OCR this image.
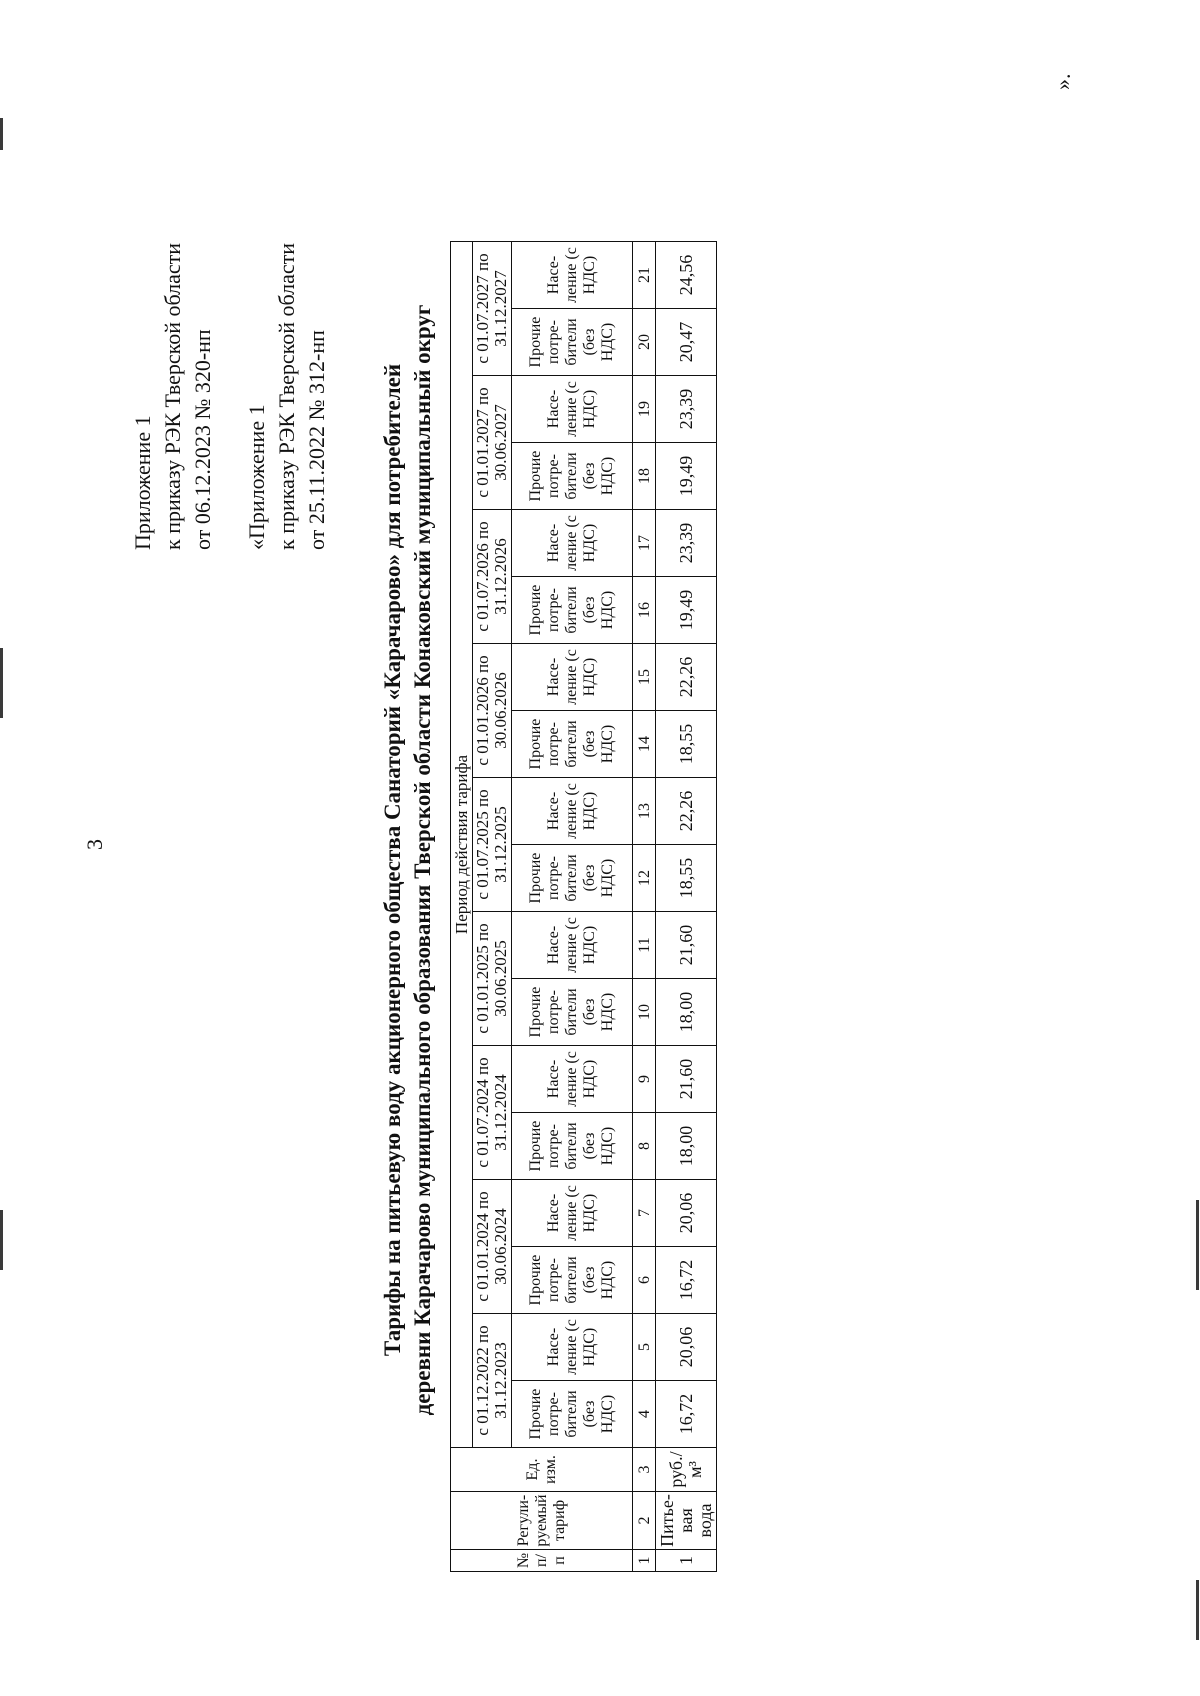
3
Приложение 1 к приказу РЭК Тверской области от 06.12.2023 № 320-нп «Приложение 1 к приказу РЭК Тверской области от 25.11.2022 № 312-нп Тарифы на питьевую воду акционерного общества Санаторий «Карачарово» для потребителей деревни Карачарово муниципального образования Тверской области Конаковский муниципальный округ
№ п/п	Регули-руемый тариф	Ед. изм.	Период действия тарифа																	
			с 01.12.2022 по 31.12.2023		с 01.01.2024 по 30.06.2024		с 01.07.2024 по 31.12.2024		с 01.01.2025 по 30.06.2025		с 01.07.2025 по 31.12.2025		с 01.01.2026 по 30.06.2026		с 01.07.2026 по 31.12.2026		с 01.01.2027 по 30.06.2027		с 01.07.2027 по 31.12.2027	
			Прочие потре-бители (без НДС)	Насе-ление (с НДС)	Прочие потре-бители (без НДС)	Насе-ление (с НДС)	Прочие потре-бители (без НДС)	Насе-ление (с НДС)	Прочие потре-бители (без НДС)	Насе-ление (с НДС)	Прочие потре-бители (без НДС)	Насе-ление (с НДС)	Прочие потре-бители (без НДС)	Насе-ление (с НДС)	Прочие потре-бители (без НДС)	Насе-ление (с НДС)	Прочие потре-бители (без НДС)	Насе-ление (с НДС)	Прочие потре-бители (без НДС)	Насе-ление (с НДС)
1	2	3	4	5	6	7	8	9	10	11	12	13	14	15	16	17	18	19	20	21
1	Питье-вая вода	руб./м³	16,72	20,06	16,72	20,06	18,00	21,60	18,00	21,60	18,55	22,26	18,55	22,26	19,49	23,39	19,49	23,39	20,47	24,56
».
